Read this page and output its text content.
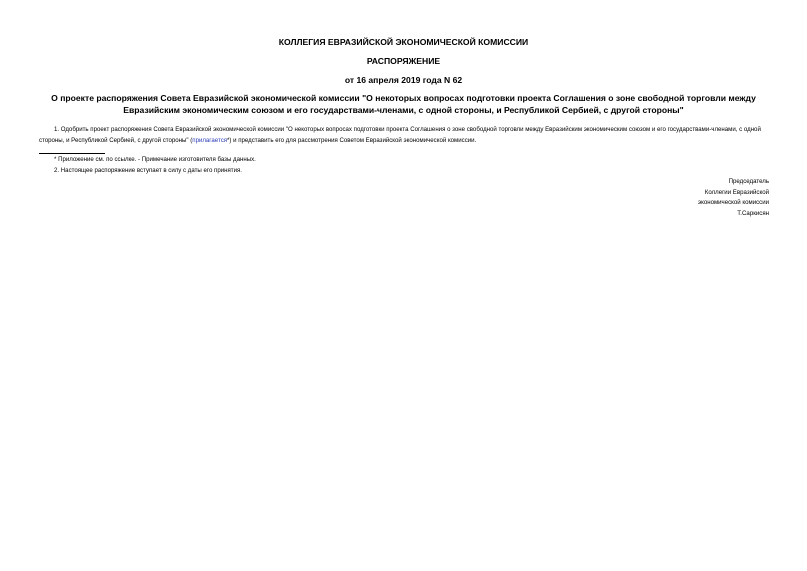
КОЛЛЕГИЯ ЕВРАЗИЙСКОЙ ЭКОНОМИЧЕСКОЙ КОМИССИИ
РАСПОРЯЖЕНИЕ
от 16 апреля 2019 года N 62
О проекте распоряжения Совета Евразийской экономической комиссии "О некоторых вопросах подготовки проекта Соглашения о зоне свободной торговли между Евразийским экономическим союзом и его государствами-членами, с одной стороны, и Республикой Сербией, с другой стороны"
1. Одобрить проект распоряжения Совета Евразийской экономической комиссии "О некоторых вопросах подготовки проекта Соглашения о зоне свободной торговли между Евразийским экономическим союзом и его государствами-членами, с одной стороны, и Республикой Сербией, с другой стороны" (прилагается*) и представить его для рассмотрения Советом Евразийской экономической комиссии.
* Приложение см. по ссылке. - Примечание изготовителя базы данных.
2. Настоящее распоряжение вступает в силу с даты его принятия.
Председатель
Коллегии Евразийской
экономической комиссии
Т.Саркисян
